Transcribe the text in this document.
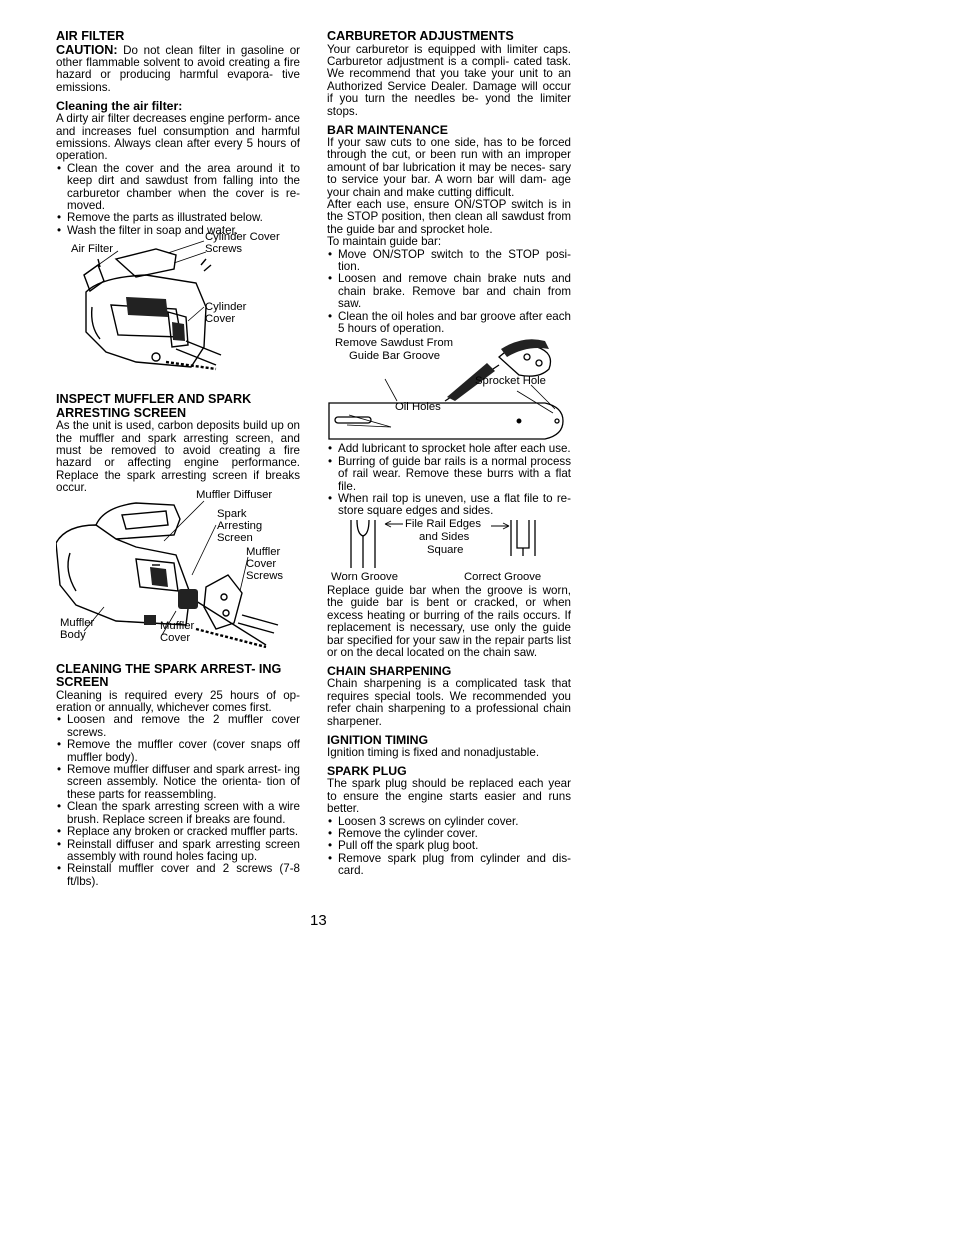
AIR FILTER

CAUTION: Do not clean filter in gasoline or other flammable solvent to avoid creating a fire hazard or producing harmful evapora- tive emissions.

Cleaning the air filter:

A dirty air filter decreases engine perform- ance and increases fuel consumption and harmful emissions. Always clean after every 5 hours of operation.

• Clean the cover and the area around it to keep dirt and sawdust from falling into the carburetor chamber when the cover is re- moved.
• Remove the parts as illustrated below.
• Wash the filter in soap and water.
Air Filter
Cylinder Cover
Screws
Cylinder
Cover
INSPECT MUFFLER AND SPARK ARRESTING SCREEN

As the unit is used, carbon deposits build up on the muffler and spark arresting screen, and must be removed to avoid creating a fire hazard or affecting engine performance. Replace the spark arresting screen if breaks occur.

Muffler Diffuser
Spark
Arresting
Screen
Muffler
Cover
Screws
Muffler
Body
Muffler
Cover
CLEANING THE SPARK ARREST- ING SCREEN

Cleaning is required every 25 hours of op- eration or annually, whichever comes first.

• Loosen and remove the 2 muffler cover screws.
• Remove the muffler cover (cover snaps off muffler body).
• Remove muffler diffuser and spark arrest- ing screen assembly. Notice the orienta- tion of these parts for reassembling.
• Clean the spark arresting screen with a wire brush. Replace screen if breaks are found.
• Replace any broken or cracked muffler parts.
• Reinstall diffuser and spark arresting screen assembly with round holes facing up.
• Reinstall muffler cover and 2 screws (7-8 ft/lbs).
CARBURETOR ADJUSTMENTS

Your carburetor is equipped with limiter caps. Carburetor adjustment is a compli- cated task. We recommend that you take your unit to an Authorized Service Dealer. Damage will occur if you turn the needles be- yond the limiter stops.

BAR MAINTENANCE

If your saw cuts to one side, has to be forced through the cut, or been run with an improper amount of bar lubrication it may be neces- sary to service your bar. A worn bar will dam- age your chain and make cutting difficult.

After each use, ensure ON/STOP switch is in the STOP position, then clean all sawdust from the guide bar and sprocket hole.

To maintain guide bar:

• Move ON/STOP switch to the STOP posi- tion.
• Loosen and remove chain brake nuts and chain brake. Remove bar and chain from saw.
• Clean the oil holes and bar groove after each 5 hours of operation.
Remove Sawdust From
Guide Bar Groove
Sprocket Hole
Oil Holes
• Add lubricant to sprocket hole after each use.
• Burring of guide bar rails is a normal process of rail wear. Remove these burrs with a flat file.
• When rail top is uneven, use a flat file to re- store square edges and sides.
File Rail Edges
and Sides
Square
Worn Groove	Correct Groove

Replace guide bar when the groove is worn, the guide bar is bent or cracked, or when excess heating or burring of the rails occurs. If replacement is necessary, use only the guide bar specified for your saw in the repair parts list or on the decal located on the chain saw.

CHAIN SHARPENING

Chain sharpening is a complicated task that requires special tools. We recommended you refer chain sharpening to a professional chain sharpener.

IGNITION TIMING

Ignition timing is fixed and nonadjustable.

SPARK PLUG

The spark plug should be replaced each year to ensure the engine starts easier and runs better.

• Loosen 3 screws on cylinder cover.
• Remove the cylinder cover.
• Pull off the spark plug boot.
• Remove spark plug from cylinder and dis- card.
13
